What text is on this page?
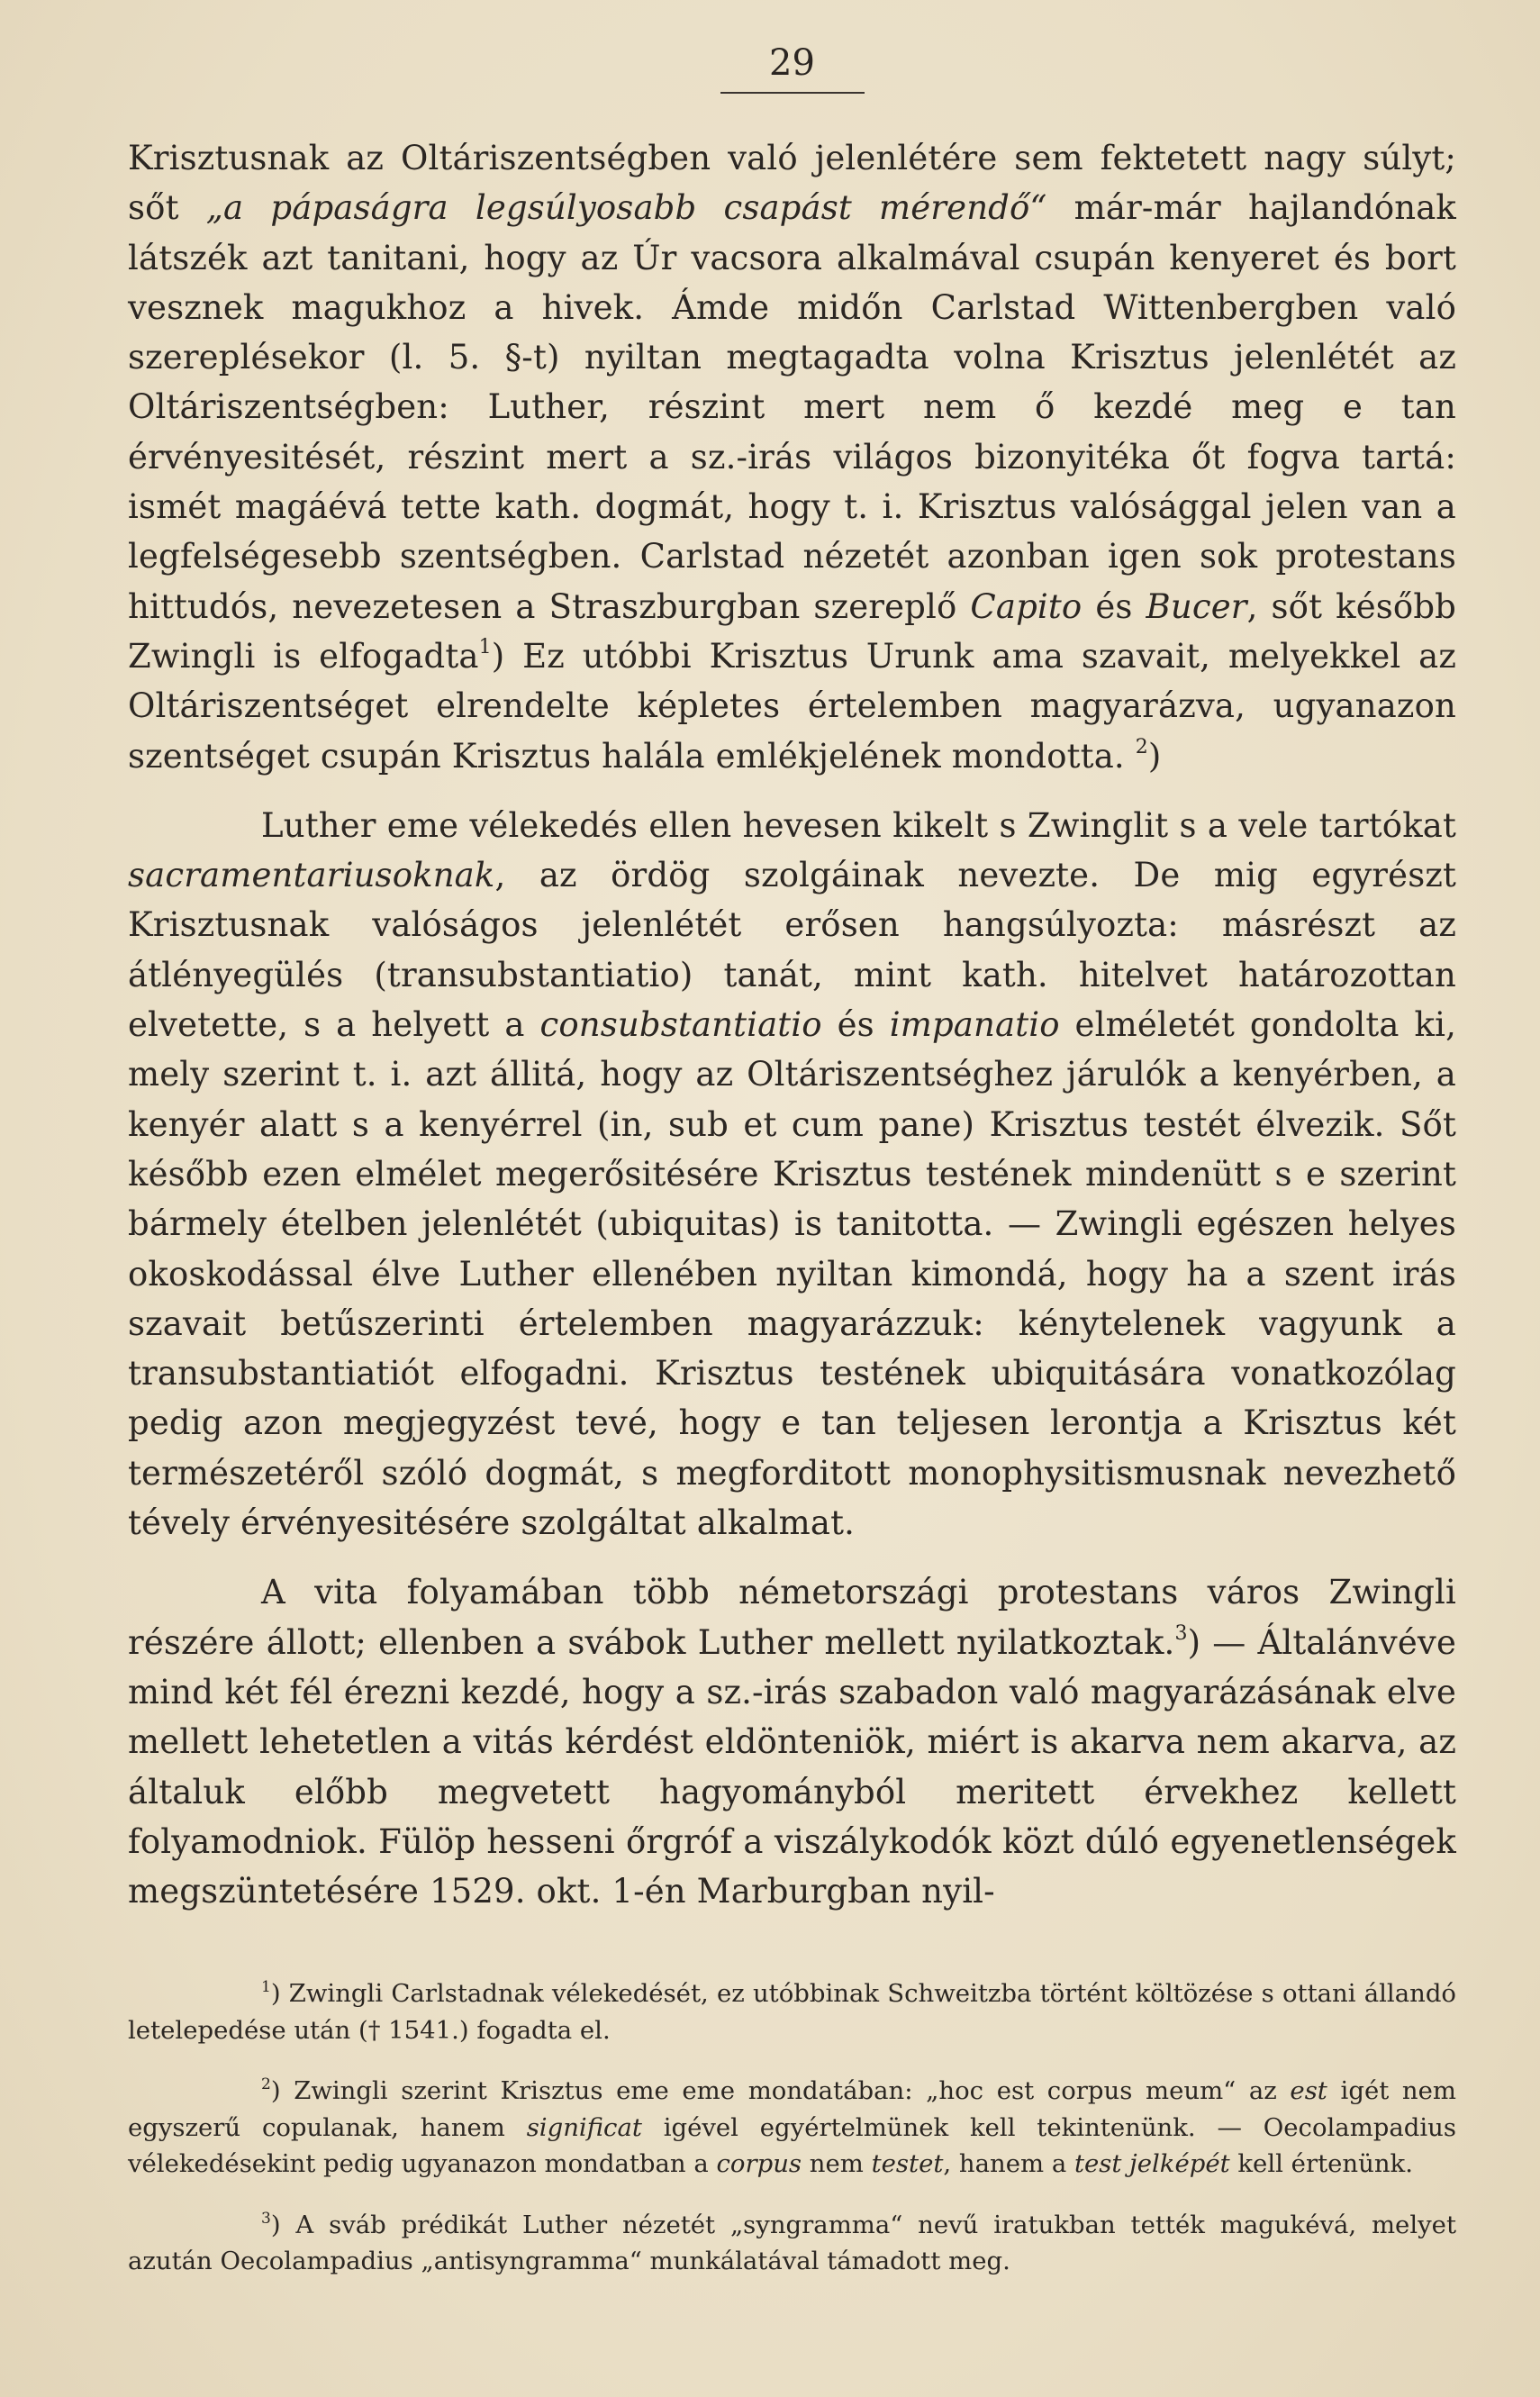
29

Krisztusnak az Oltáriszentségben való jelenlétére sem fektetett nagy súlyt; sőt „a pápaságra legsúlyosabb csapást mérendő“ már-már hajlandónak látszék azt tanitani, hogy az Úr vacsora alkalmával csupán kenyeret és bort vesznek magukhoz a hivek. Ámde midőn Carlstad Wittenbergben való szereplésekor (l. 5. §-t) nyiltan megtagadta volna Krisztus jelenlétét az Oltáriszentségben: Luther, részint mert nem ő kezdé meg e tan érvényesitését, részint mert a sz.-irás világos bizonyitéka őt fogva tartá: ismét magáévá tette kath. dogmát, hogy t. i. Krisztus valósággal jelen van a legfelségesebb szentségben. Carlstad nézetét azonban igen sok protestans hittudós, nevezetesen a Straszburgban szereplő Capito és Bucer, sőt később Zwingli is elfogadta$^1$) Ez utóbbi Krisztus Urunk ama szavait, melyekkel az Oltáriszentséget elrendelte képletes értelemben magyarázva, ugyanazon szentséget csupán Krisztus halála emlékjelének mondotta. $^2$)

Luther eme vélekedés ellen hevesen kikelt s Zwinglit s a vele tartókat sacramentariusoknak, az ördög szolgáinak nevezte. De mig egyrészt Krisztusnak valóságos jelenlétét erősen hangsúlyozta: másrészt az átlényegülés (transubstantiatio) tanát, mint kath. hitelvet határozottan elvetette, s a helyett a consubstantiatio és impanatio elméletét gondolta ki, mely szerint t. i. azt állitá, hogy az Oltáriszentséghez járulók a kenyérben, a kenyér alatt s a kenyérrel (in, sub et cum pane) Krisztus testét élvezik. Sőt később ezen elmélet megerősitésére Krisztus testének mindenütt s e szerint bármely ételben jelenlétét (ubiquitas) is tanitotta. — Zwingli egészen helyes okoskodással élve Luther ellenében nyiltan kimondá, hogy ha a szent irás szavait betűszerinti értelemben magyarázzuk: kénytelenek vagyunk a transubstantiatiót elfogadni. Krisztus testének ubiquitására vonatkozólag pedig azon megjegyzést tevé, hogy e tan teljesen lerontja a Krisztus két természetéről szóló dogmát, s megforditott monophysitismusnak nevezhető tévely érvényesitésére szolgáltat alkalmat.

A vita folyamában több németországi protestans város Zwingli részére állott; ellenben a svábok Luther mellett nyilatkoztak.$^3$) — Általánvéve mind két fél érezni kezdé, hogy a sz.-irás szabadon való magyarázásának elve mellett lehetetlen a vitás kérdést eldönteniök, miért is akarva nem akarva, az általuk előbb megvetett hagyományból meritett érvekhez kellett folyamodniok. Fülöp hesseni őrgróf a viszálykodók közt dúló egyenetlenségek megszüntetésére 1529. okt. 1-én Marburgban nyil-

$^1$) Zwingli Carlstadnak vélekedését, ez utóbbinak Schweitzba történt költözése s ottani állandó letelepedése után († 1541.) fogadta el.

$^2$) Zwingli szerint Krisztus eme eme mondatában: „hoc est corpus meum“ az est igét nem egyszerű copulanak, hanem significat igével egyértelmünek kell tekintenünk. — Oecolampadius vélekedésekint pedig ugyanazon mondatban a corpus nem testet, hanem a test jelképét kell értenünk.

$^3$) A sváb prédikát Luther nézetét „syngramma“ nevű iratukban tették magukévá, melyet azután Oecolampadius „antisyngramma“ munkálatával támadott meg.
